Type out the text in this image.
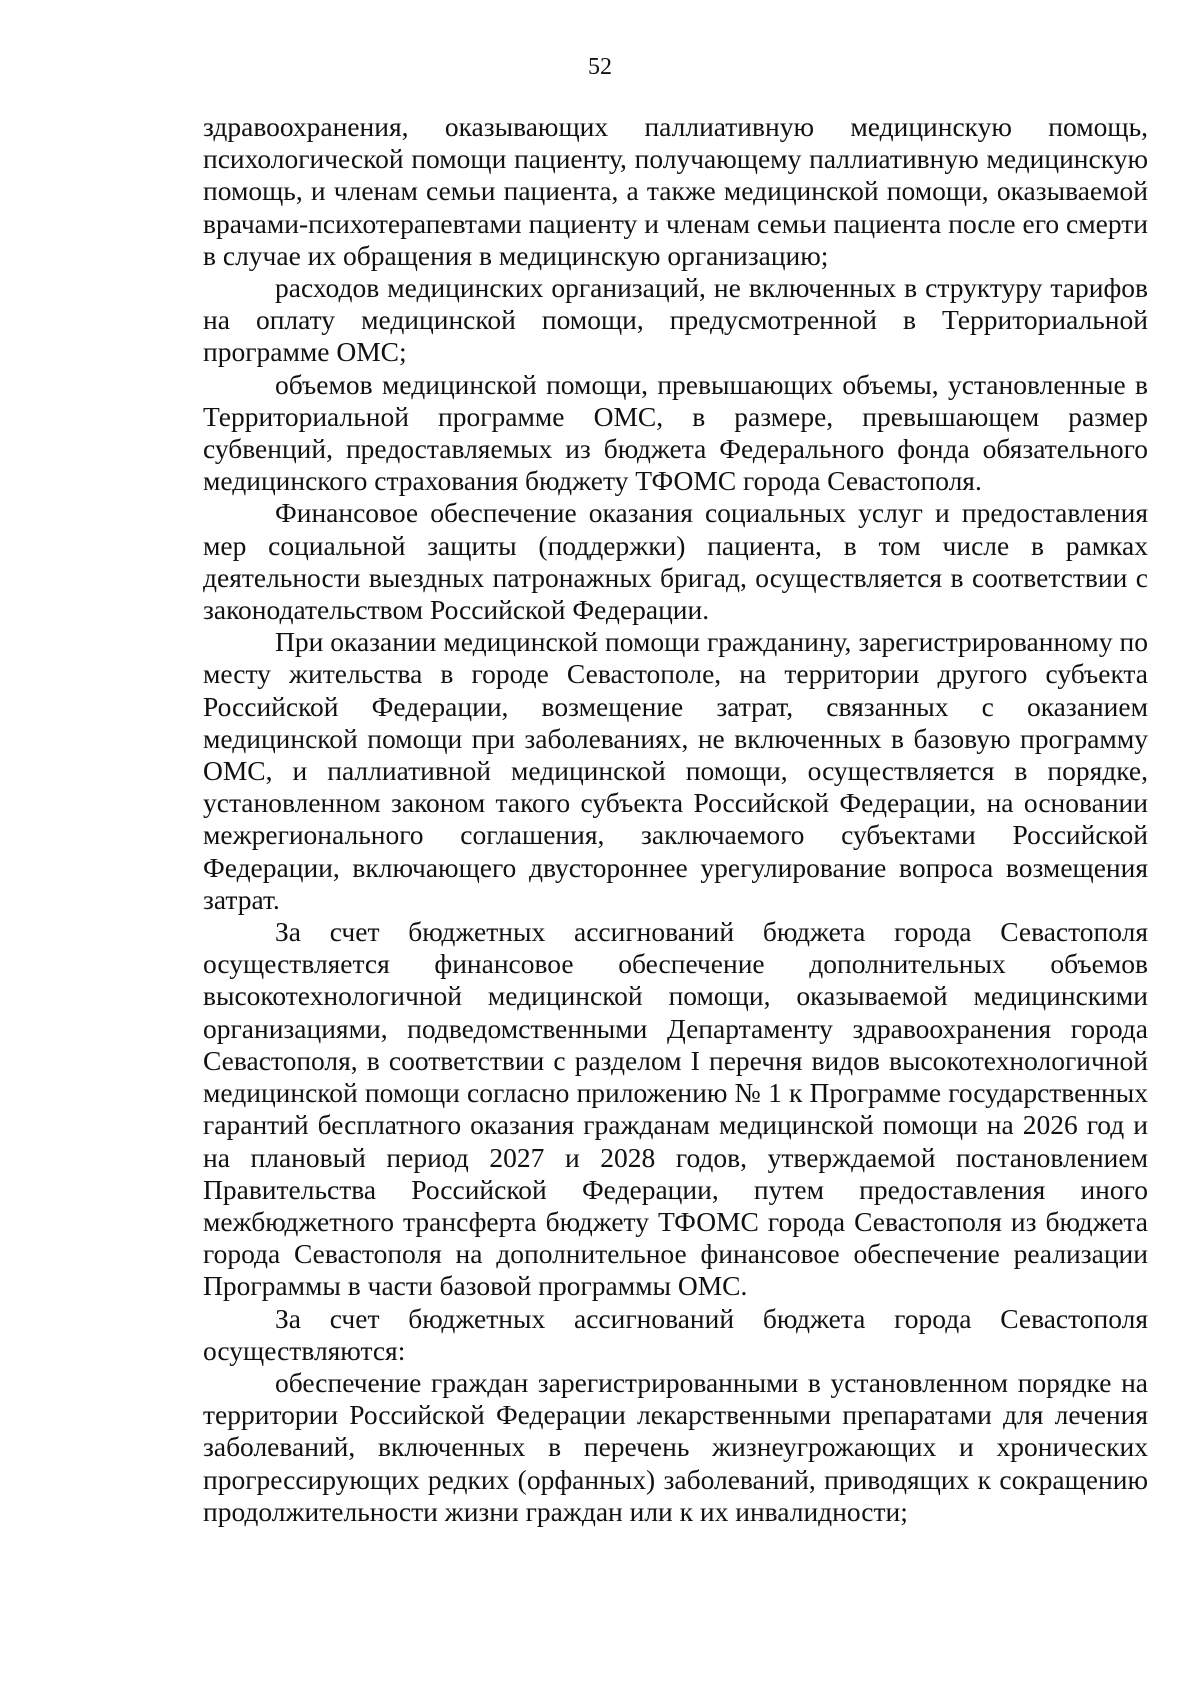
52

здравоохранения, оказывающих паллиативную медицинскую помощь, психологической помощи пациенту, получающему паллиативную медицинскую помощь, и членам семьи пациента, а также медицинской помощи, оказываемой врачами-психотерапевтами пациенту и членам семьи пациента после его смерти в случае их обращения в медицинскую организацию;

расходов медицинских организаций, не включенных в структуру тарифов на оплату медицинской помощи, предусмотренной в Территориальной программе ОМС;

объемов медицинской помощи, превышающих объемы, установленные в Территориальной программе ОМС, в размере, превышающем размер субвенций, предоставляемых из бюджета Федерального фонда обязательного медицинского страхования бюджету ТФОМС города Севастополя.

Финансовое обеспечение оказания социальных услуг и предоставления мер социальной защиты (поддержки) пациента, в том числе в рамках деятельности выездных патронажных бригад, осуществляется в соответствии с законодательством Российской Федерации.

При оказании медицинской помощи гражданину, зарегистрированному по месту жительства в городе Севастополе, на территории другого субъекта Российской Федерации, возмещение затрат, связанных с оказанием медицинской помощи при заболеваниях, не включенных в базовую программу ОМС, и паллиативной медицинской помощи, осуществляется в порядке, установленном законом такого субъекта Российской Федерации, на основании межрегионального соглашения, заключаемого субъектами Российской Федерации, включающего двустороннее урегулирование вопроса возмещения затрат.

За счет бюджетных ассигнований бюджета города Севастополя осуществляется финансовое обеспечение дополнительных объемов высокотехнологичной медицинской помощи, оказываемой медицинскими организациями, подведомственными Департаменту здравоохранения города Севастополя, в соответствии с разделом I перечня видов высокотехнологичной медицинской помощи согласно приложению № 1 к Программе государственных гарантий бесплатного оказания гражданам медицинской помощи на 2026 год и на плановый период 2027 и 2028 годов, утверждаемой постановлением Правительства Российской Федерации, путем предоставления иного межбюджетного трансферта бюджету ТФОМС города Севастополя из бюджета города Севастополя на дополнительное финансовое обеспечение реализации Программы в части базовой программы ОМС.

За счет бюджетных ассигнований бюджета города Севастополя осуществляются:

обеспечение граждан зарегистрированными в установленном порядке на территории Российской Федерации лекарственными препаратами для лечения заболеваний, включенных в перечень жизнеугрожающих и хронических прогрессирующих редких (орфанных) заболеваний, приводящих к сокращению продолжительности жизни граждан или к их инвалидности;
